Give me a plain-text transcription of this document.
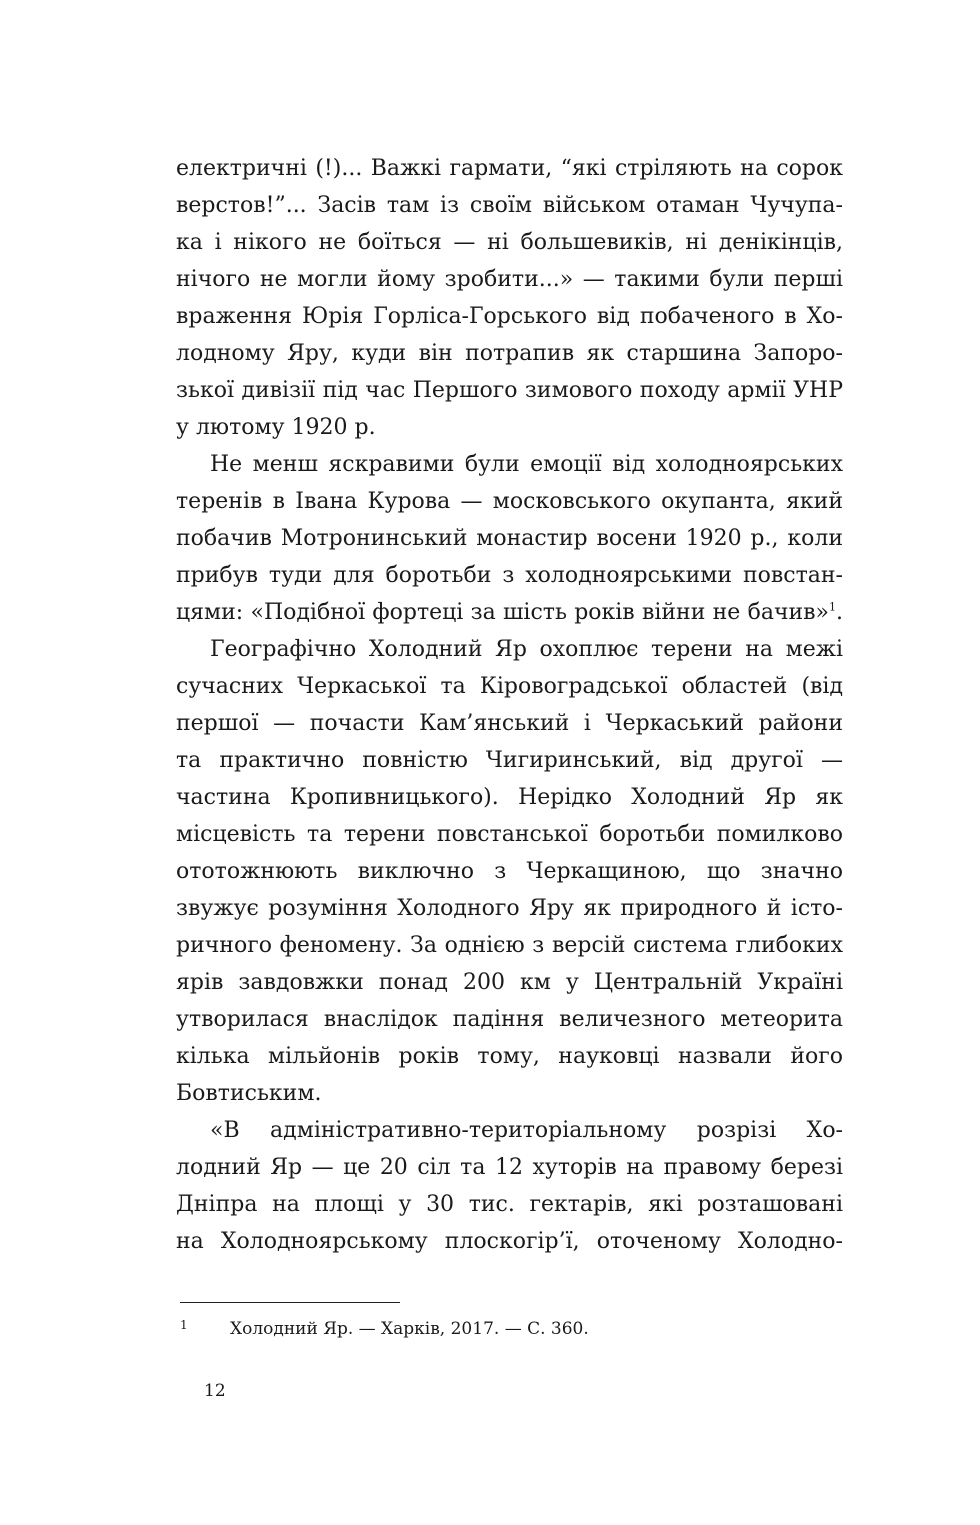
електричні (!)... Важкі гармати, “які стріляють на сорок
верстов!”... Засів там із своїм військом отаман Чучупа-
ка і нікого не боїться — ні большевиків, ні денікінців,
нічого не могли йому зробити...» — такими були перші
враження Юрія Горліса-Горського від побаченого в Хо-
лодному Яру, куди він потрапив як старшина Запоро-
зької дивізії під час Першого зимового походу армії УНР
у лютому 1920 р.
Не менш яскравими були емоції від холодноярських
теренів в Івана Курова — московського окупанта, який
побачив Мотронинський монастир восени 1920 р., коли
прибув туди для боротьби з холодноярськими повстан-
цями: «Подібної фортеці за шість років війни не бачив»$^1$.
Географічно Холодний Яр охоплює терени на межі
сучасних Черкаської та Кіровоградської областей (від
першої — почасти Кам’янський і Черкаський райони
та практично повністю Чигиринський, від другої —
частина Кропивницького). Нерідко Холодний Яр як
місцевість та терени повстанської боротьби помилково
ототожнюють виключно з Черкащиною, що значно
звужує розуміння Холодного Яру як природного й істо-
ричного феномену. За однією з версій система глибоких
ярів завдовжки понад 200 км у Центральній Україні
утворилася внаслідок падіння величезного метеорита
кілька мільйонів років тому, науковці назвали його
Бовтиським.
«В адміністративно-територіальному розрізі Хо-
лодний Яр — це 20 сіл та 12 хуторів на правому березі
Дніпра на площі у 30 тис. гектарів, які розташовані
на Холодноярському плоскогір’ї, оточеному Холодно-
1 Холодний Яр. — Харків, 2017. — С. 360.
12
